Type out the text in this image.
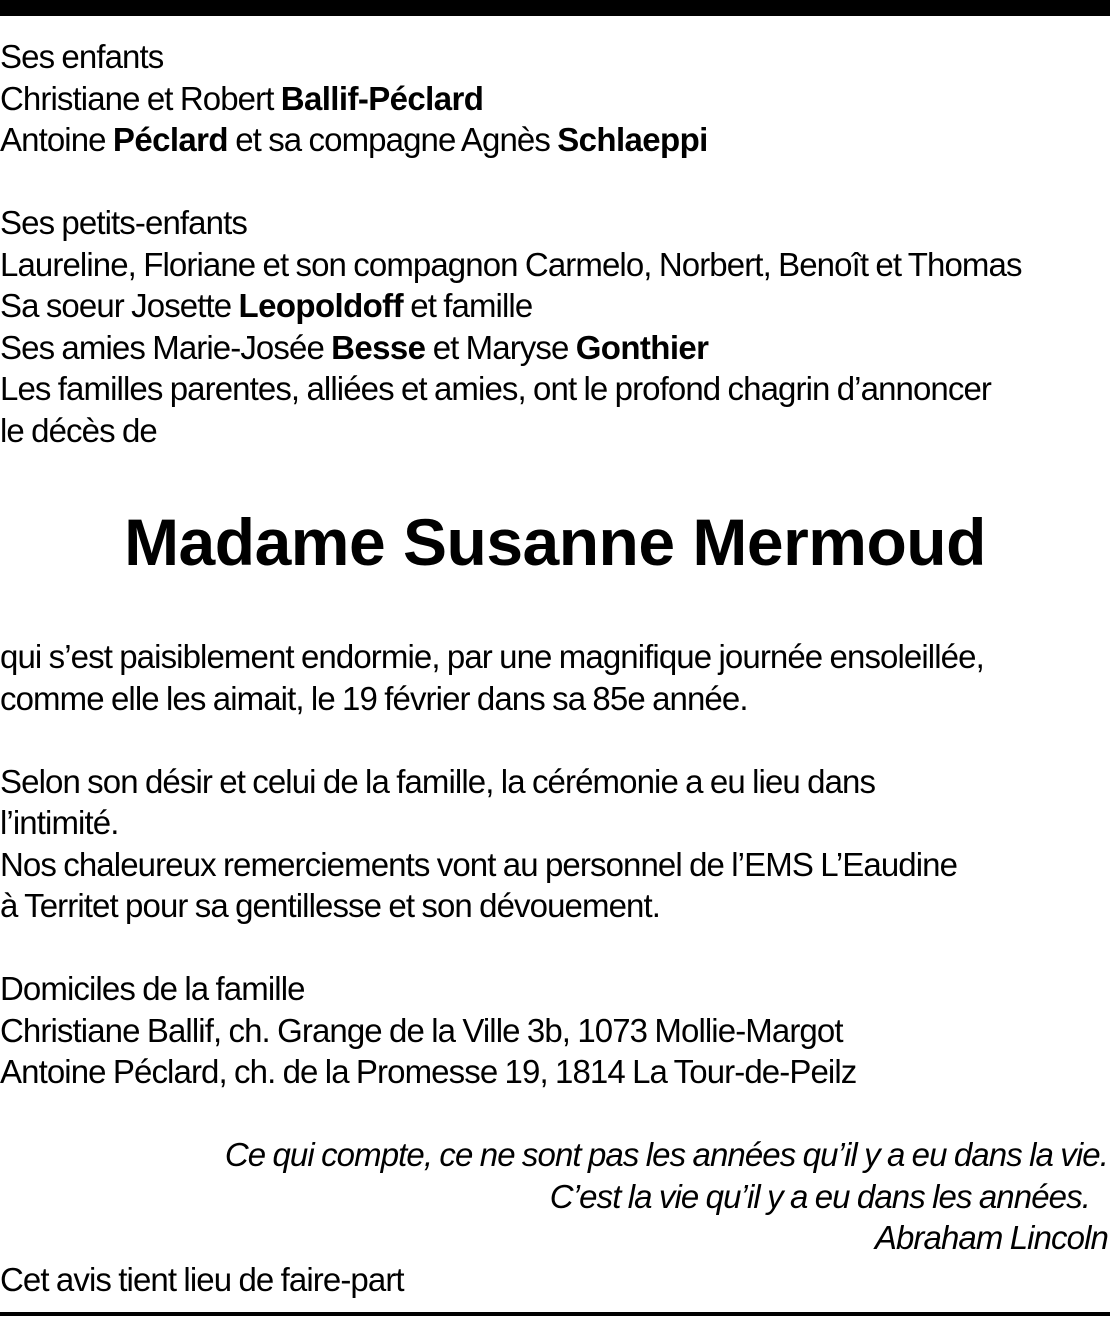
Ses enfants
Christiane et Robert Ballif-Péclard
Antoine Péclard et sa compagne Agnès Schlaeppi
Ses petits-enfants
Laureline, Floriane et son compagnon Carmelo, Norbert, Benoît et Thomas
Sa soeur Josette Leopoldoff et famille
Ses amies Marie-Josée Besse et Maryse Gonthier
Les familles parentes, alliées et amies, ont le profond chagrin d’annoncer
le décès de
Madame Susanne Mermoud
qui s’est paisiblement endormie, par une magnifique journée ensoleillée,
comme elle les aimait, le 19 février dans sa 85e année.
Selon son désir et celui de la famille, la cérémonie a eu lieu dans
l’intimité.
Nos chaleureux remerciements vont au personnel de l’EMS L’Eaudine
à Territet pour sa gentillesse et son dévouement.
Domiciles de la famille
Christiane Ballif, ch. Grange de la Ville 3b, 1073 Mollie-Margot
Antoine Péclard, ch. de la Promesse 19, 1814 La Tour-de-Peilz
Ce qui compte, ce ne sont pas les années qu’il y a eu dans la vie.
C’est la vie qu’il y a eu dans les années.
Abraham Lincoln
Cet avis tient lieu de faire-part
